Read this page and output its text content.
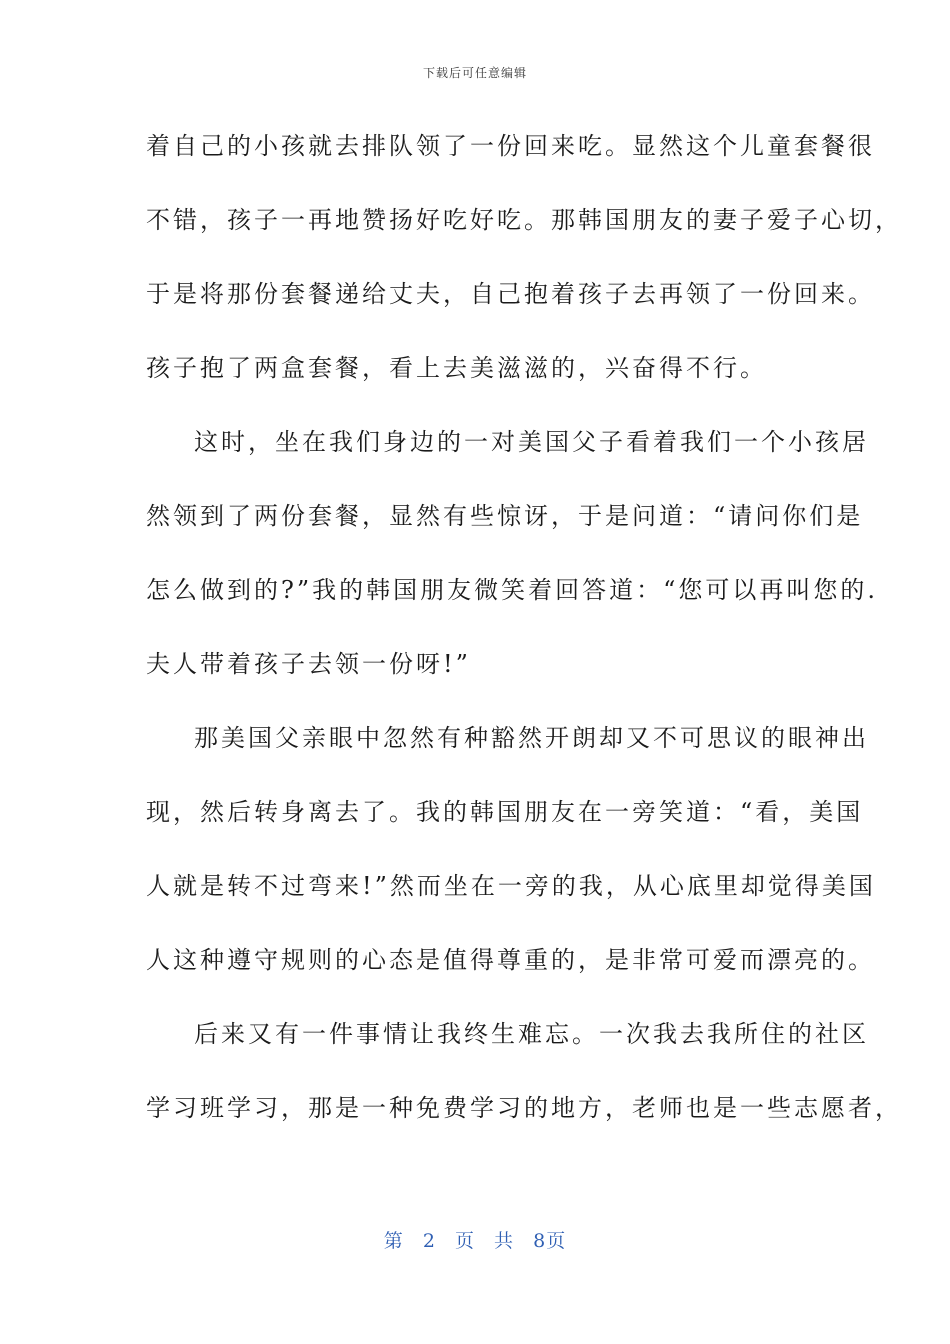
下载后可任意编辑
着自己的小孩就去排队领了一份回来吃。显然这个儿童套餐很
不错，孩子一再地赞扬好吃好吃。那韩国朋友的妻子爱子心切，
于是将那份套餐递给丈夫，自己抱着孩子去再领了一份回来。
孩子抱了两盒套餐，看上去美滋滋的，兴奋得不行。
这时，坐在我们身边的一对美国父子看着我们一个小孩居
然领到了两份套餐，显然有些惊讶，于是问道：“请问你们是
怎么做到的?”我的韩国朋友微笑着回答道：“您可以再叫您的.
夫人带着孩子去领一份呀!”
那美国父亲眼中忽然有种豁然开朗却又不可思议的眼神出
现，然后转身离去了。我的韩国朋友在一旁笑道：“看，美国
人就是转不过弯来!”然而坐在一旁的我，从心底里却觉得美国
人这种遵守规则的心态是值得尊重的，是非常可爱而漂亮的。
后来又有一件事情让我终生难忘。一次我去我所住的社区
学习班学习，那是一种免费学习的地方，老师也是一些志愿者，
第 2 页 共 8页
